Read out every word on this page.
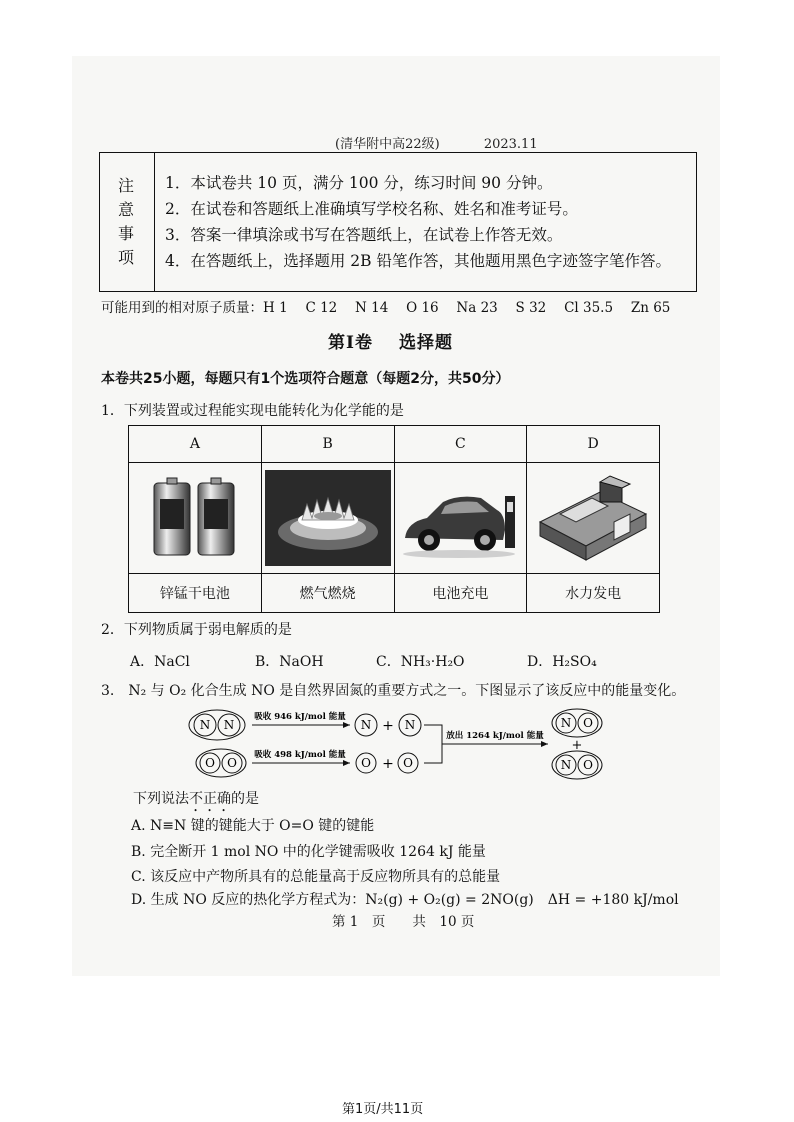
(清华附中高22级)	2023.11
注
意
事
项

1．本试卷共 10 页，满分 100 分，练习时间 90 分钟。
2．在试卷和答题纸上准确填写学校名称、姓名和准考证号。
3．答案一律填涂或书写在答题纸上，在试卷上作答无效。
4．在答题纸上，选择题用 2B 铅笔作答，其他题用黑色字迹签字笔作答。
可能用到的相对原子质量：H 1　 C 12　 N 14　 O 16　 Na 23　 S 32　 Cl 35.5　 Zn 65
第Ⅰ卷 选择题
本卷共25小题，每题只有1个选项符合题意（每题2分，共50分）
1．下列装置或过程能实现电能转化为化学能的是
A	B	C	D

锌锰干电池	燃气燃烧	电池充电	水力发电
2．下列物质属于弱电解质的是
A．NaCl	B．NaOH	C．NH₃·H₂O	D．H₂SO₄
3.　N₂ 与 O₂ 化合生成 NO 是自然界固氮的重要方式之一。下图显示了该反应中的能量变化。
N N
吸收 946 kJ/mol 能量
N + N
O O
吸收 498 kJ/mol 能量
O + O
放出 1264 kJ/mol 能量
N O
+
N O
下列说法不正确的是
A. N≡N 键的键能大于 O=O 键的键能
B. 完全断开 1 mol NO 中的化学键需吸收 1264 kJ 能量
C. 该反应中产物所具有的总能量高于反应物所具有的总能量
D. 生成 NO 反应的热化学方程式为：N₂(g) + O₂(g) = 2NO(g)　ΔH = +180 kJ/mol
第 1　页　　共　10 页
第1页/共11页
